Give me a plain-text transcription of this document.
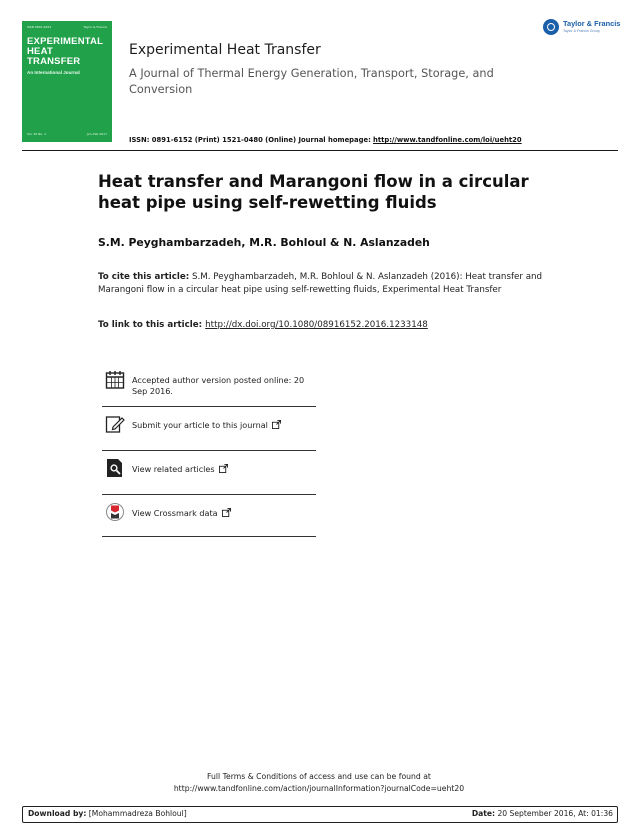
ISSN 0891-6152	Taylor & Francis
EXPERIMENTAL
HEAT
TRANSFER
An International Journal
Vol. 30 No. 1	Jan–Feb 2017
Taylor & Francis
Taylor & Francis Group
Experimental Heat Transfer
A Journal of Thermal Energy Generation, Transport, Storage, and Conversion
ISSN: 0891-6152 (Print) 1521-0480 (Online) Journal homepage: http://www.tandfonline.com/loi/ueht20
Heat transfer and Marangoni flow in a circular heat pipe using self-rewetting fluids
S.M. Peyghambarzadeh, M.R. Bohloul & N. Aslanzadeh
To cite this article: S.M. Peyghambarzadeh, M.R. Bohloul & N. Aslanzadeh (2016): Heat transfer and Marangoni flow in a circular heat pipe using self-rewetting fluids, Experimental Heat Transfer
To link to this article: http://dx.doi.org/10.1080/08916152.2016.1233148
Accepted author version posted online: 20 Sep 2016.
Submit your article to this journal
View related articles
View Crossmark data
Full Terms & Conditions of access and use can be found at
http://www.tandfonline.com/action/journalInformation?journalCode=ueht20
Download by: [Mohammadreza Bohloul]	Date: 20 September 2016, At: 01:36
